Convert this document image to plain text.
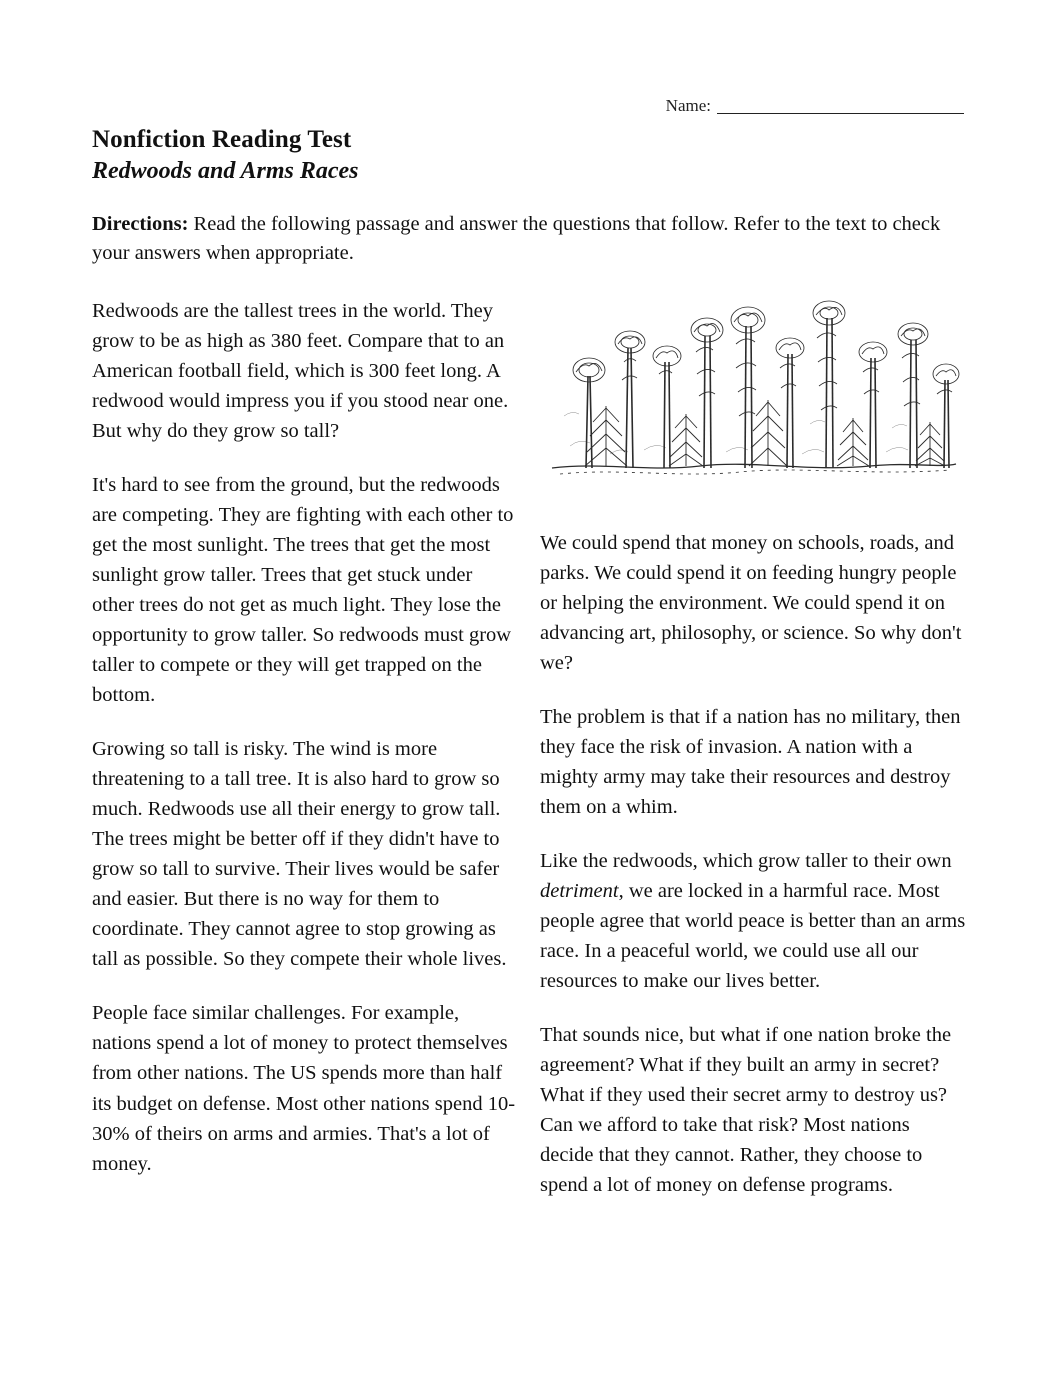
Name:
Nonfiction Reading Test
Redwoods and Arms Races
Directions: Read the following passage and answer the questions that follow. Refer to the text to check your answers when appropriate.

Redwoods are the tallest trees in the world. They grow to be as high as 380 feet. Compare that to an American football field, which is 300 feet long. A redwood would impress you if you stood near one. But why do they grow so tall?

It's hard to see from the ground, but the redwoods are competing. They are fighting with each other to get the most sunlight. The trees that get the most sunlight grow taller. Trees that get stuck under other trees do not get as much light. They lose the opportunity to grow taller. So redwoods must grow taller to compete or they will get trapped on the bottom.

Growing so tall is risky. The wind is more threatening to a tall tree. It is also hard to grow so much. Redwoods use all their energy to grow tall. The trees might be better off if they didn't have to grow so tall to survive. Their lives would be safer and easier. But there is no way for them to coordinate. They cannot agree to stop growing as tall as possible. So they compete their whole lives.

People face similar challenges. For example, nations spend a lot of money to protect themselves from other nations. The US spends more than half its budget on defense. Most other nations spend 10-30% of theirs on arms and armies. That's a lot of money.

We could spend that money on schools, roads, and parks. We could spend it on feeding hungry people or helping the environment. We could spend it on advancing art, philosophy, or science. So why don't we?

The problem is that if a nation has no military, then they face the risk of invasion. A nation with a mighty army may take their resources and destroy them on a whim.

Like the redwoods, which grow taller to their own detriment, we are locked in a harmful race. Most people agree that world peace is better than an arms race. In a peaceful world, we could use all our resources to make our lives better.

That sounds nice, but what if one nation broke the agreement? What if they built an army in secret? What if they used their secret army to destroy us? Can we afford to take that risk? Most nations decide that they cannot. Rather, they choose to spend a lot of money on defense programs.
